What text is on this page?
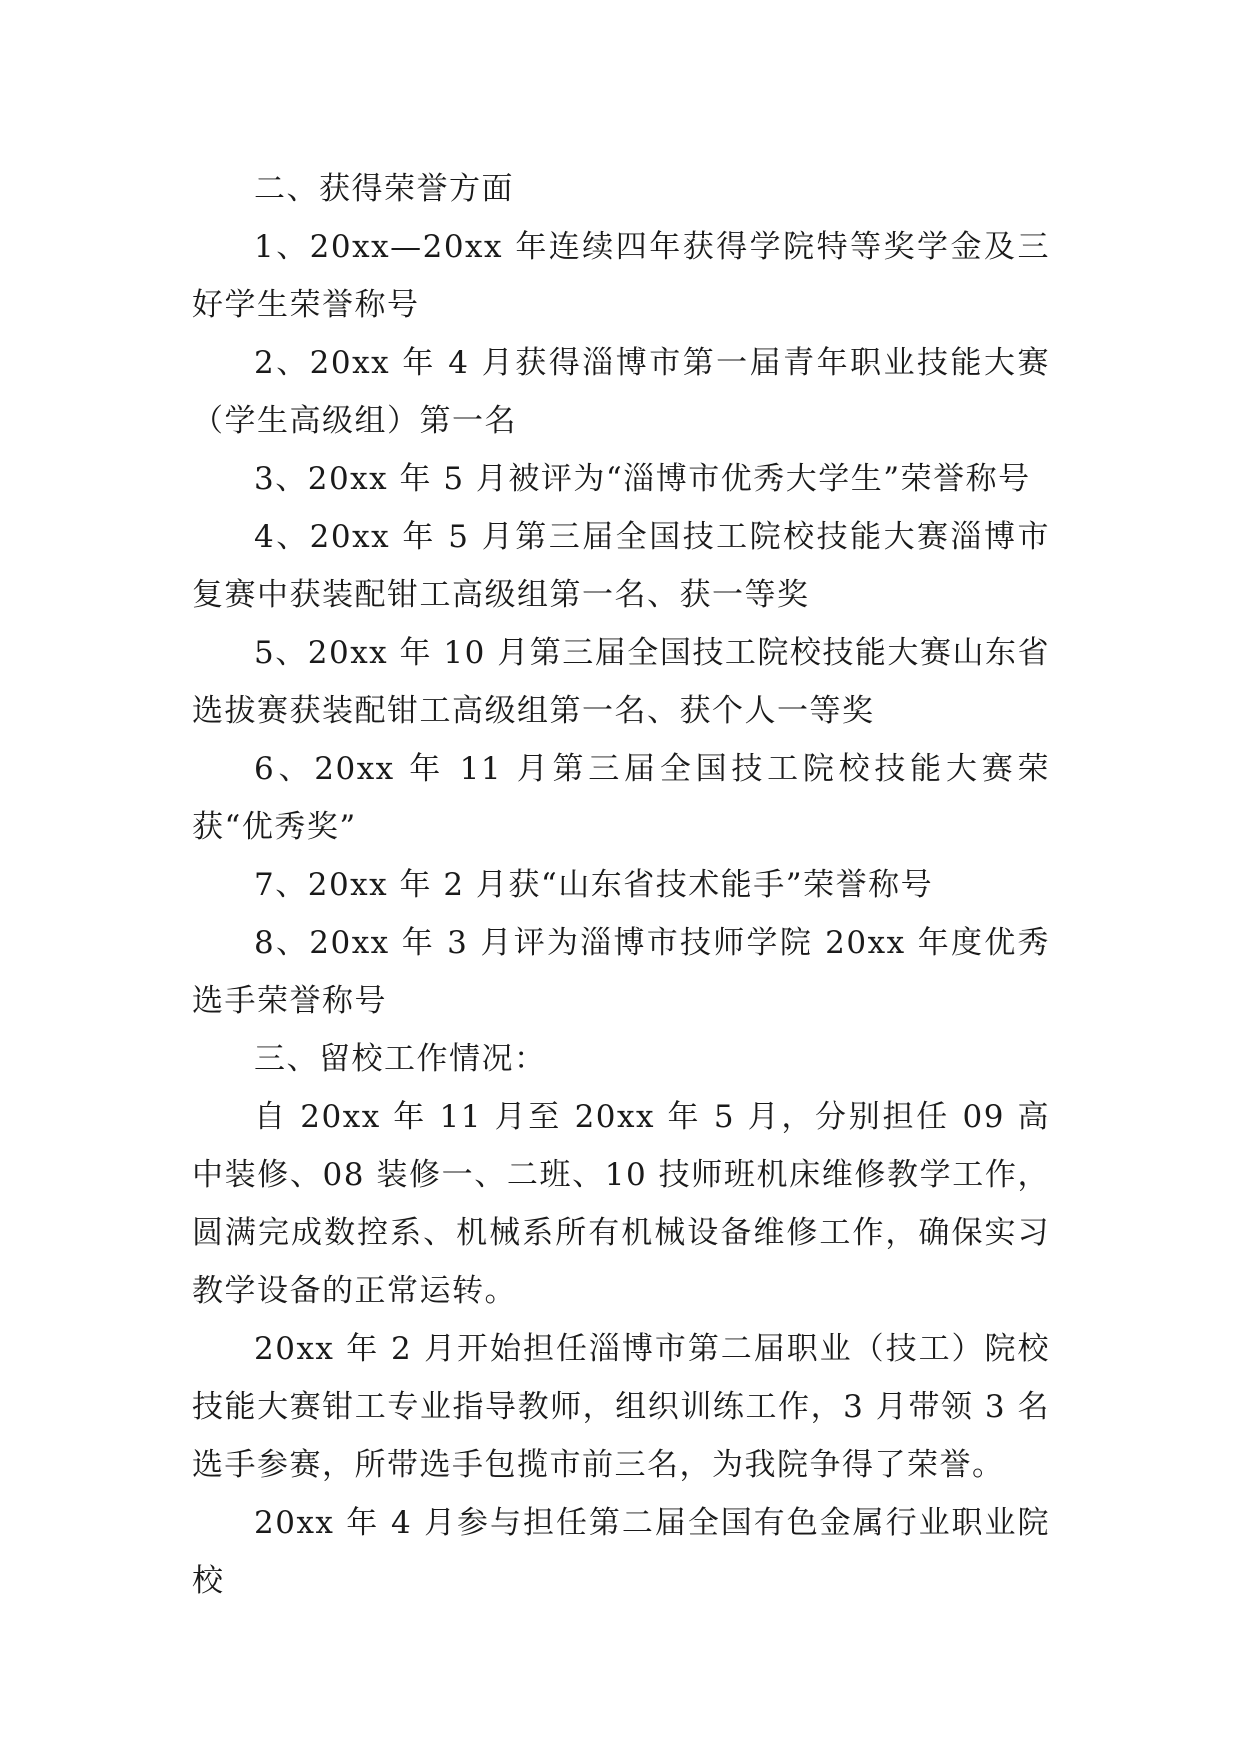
二、获得荣誉方面

1、20xx—20xx 年连续四年获得学院特等奖学金及三好学生荣誉称号

2、20xx 年 4 月获得淄博市第一届青年职业技能大赛（学生高级组）第一名

3、20xx 年 5 月被评为“淄博市优秀大学生”荣誉称号

4、20xx 年 5 月第三届全国技工院校技能大赛淄博市复赛中获装配钳工高级组第一名、获一等奖

5、20xx 年 10 月第三届全国技工院校技能大赛山东省选拔赛获装配钳工高级组第一名、获个人一等奖

6、20xx 年 11 月第三届全国技工院校技能大赛荣获“优秀奖”

7、20xx 年 2 月获“山东省技术能手”荣誉称号

8、20xx 年 3 月评为淄博市技师学院 20xx 年度优秀选手荣誉称号

三、留校工作情况：

自 20xx 年 11 月至 20xx 年 5 月，分别担任 09 高中装修、08 装修一、二班、10 技师班机床维修教学工作，圆满完成数控系、机械系所有机械设备维修工作，确保实习教学设备的正常运转。

20xx 年 2 月开始担任淄博市第二届职业（技工）院校技能大赛钳工专业指导教师，组织训练工作，3 月带领 3 名选手参赛，所带选手包揽市前三名，为我院争得了荣誉。

20xx 年 4 月参与担任第二届全国有色金属行业职业院校
